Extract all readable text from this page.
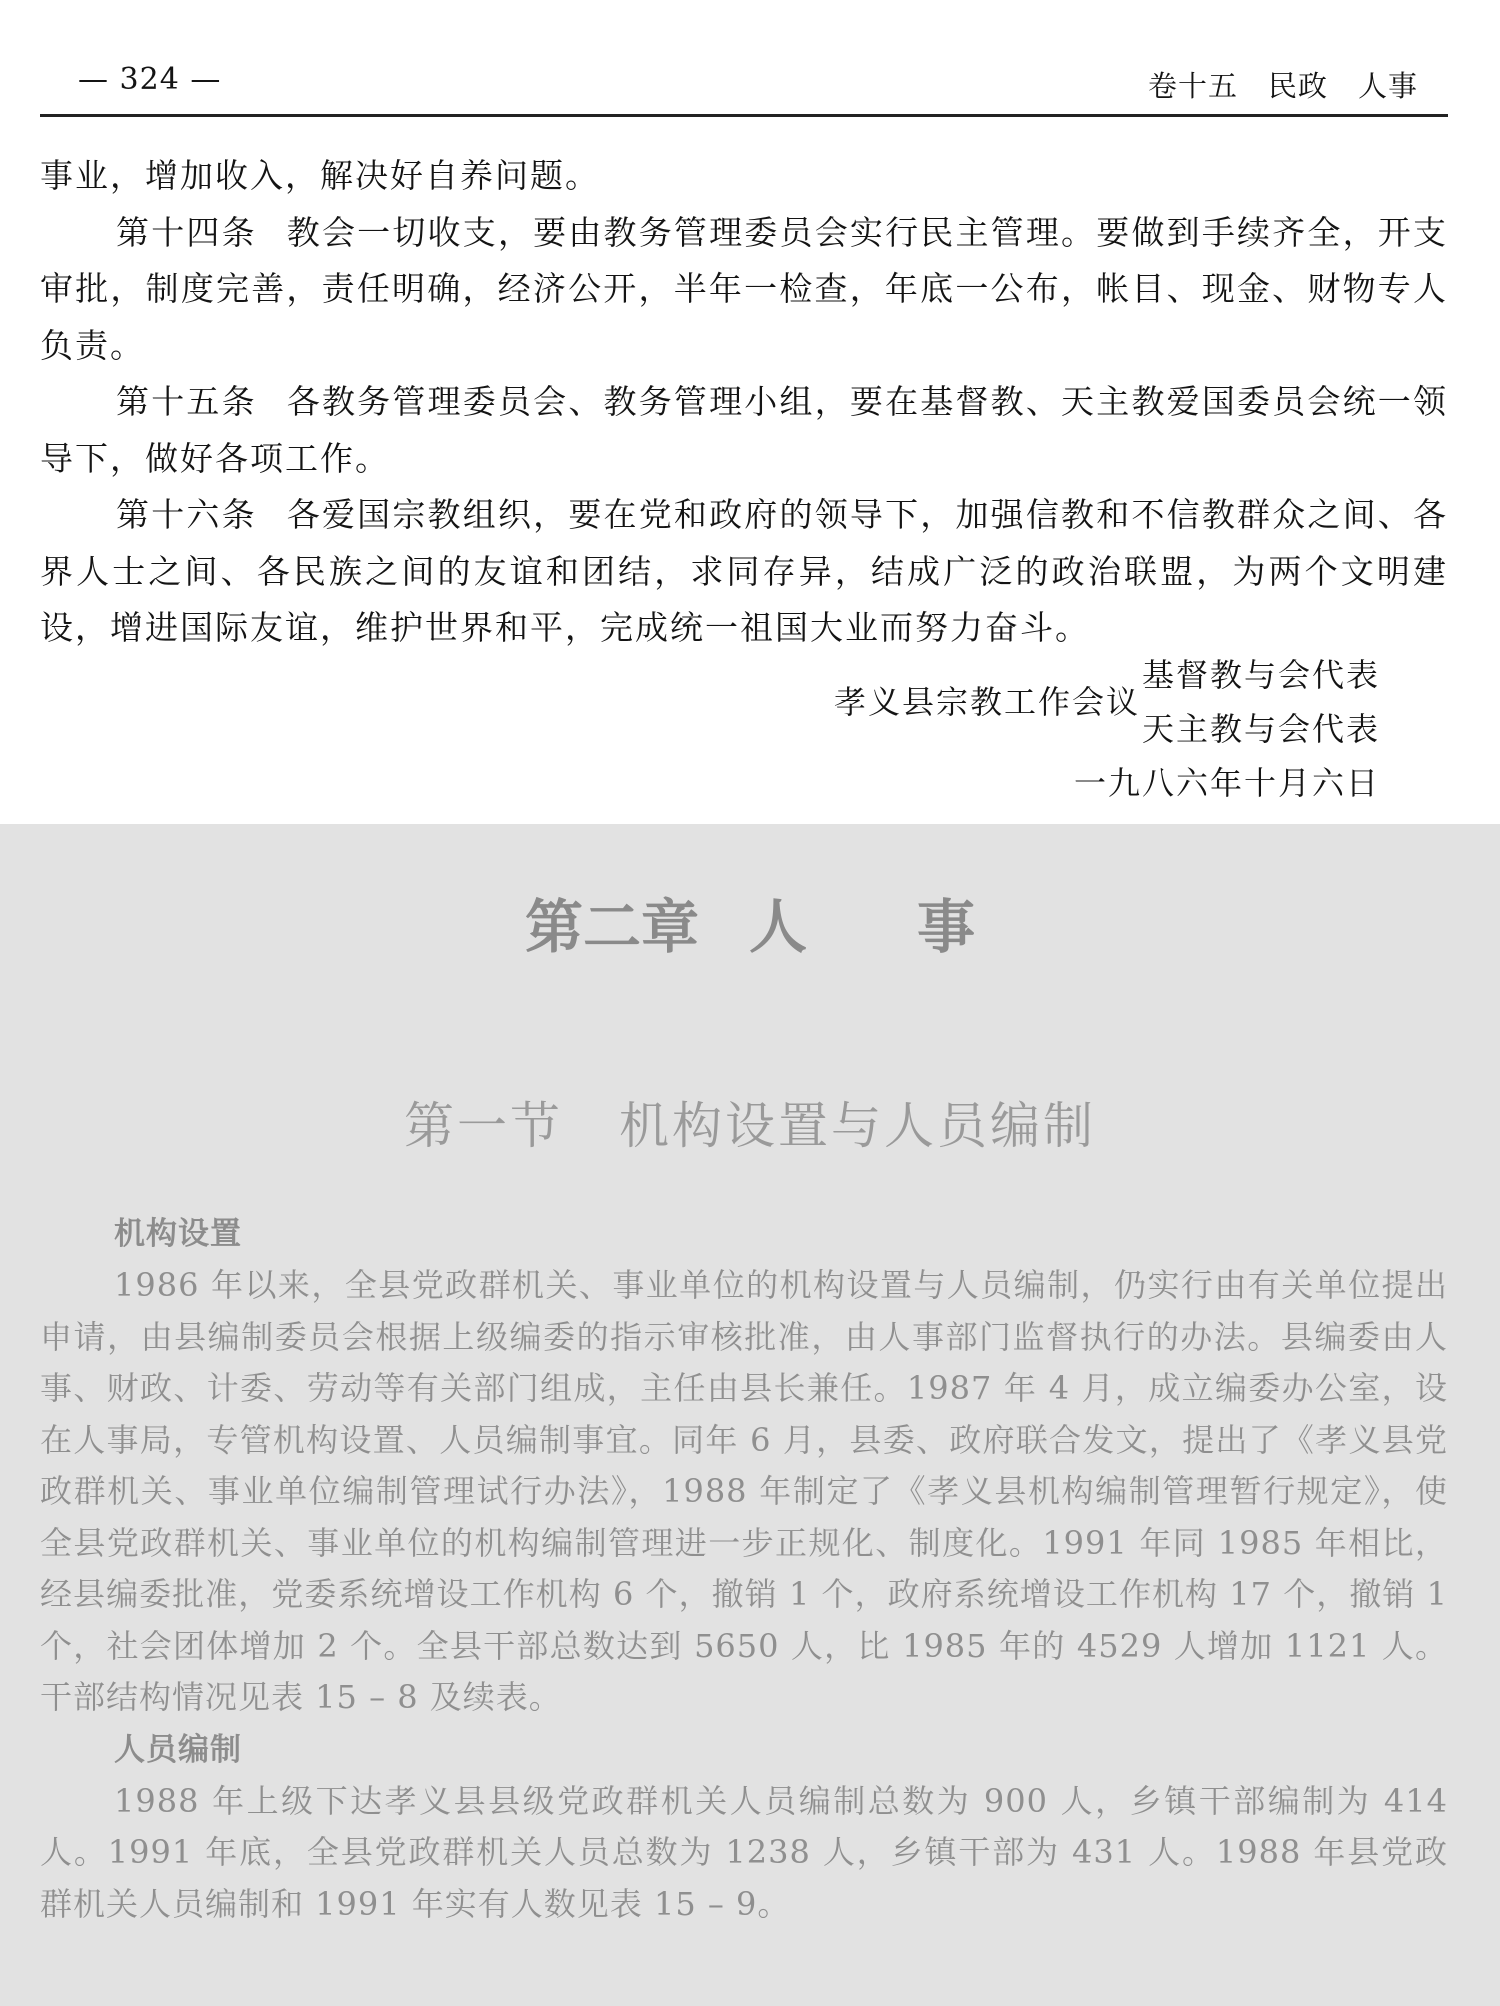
— 324 —	卷十五　民政　人事

事业，增加收入，解决好自养问题。

第十四条 教会一切收支，要由教务管理委员会实行民主管理。要做到手续齐全，开支审批，制度完善，责任明确，经济公开，半年一检查，年底一公布，帐目、现金、财物专人负责。

第十五条 各教务管理委员会、教务管理小组，要在基督教、天主教爱国委员会统一领导下，做好各项工作。

第十六条 各爱国宗教组织，要在党和政府的领导下，加强信教和不信教群众之间、各界人士之间、各民族之间的友谊和团结，求同存异，结成广泛的政治联盟，为两个文明建设，增进国际友谊，维护世界和平，完成统一祖国大业而努力奋斗。

孝义县宗教工作会议
基督教与会代表
天主教与会代表
一九八六年十月六日
第二章 人 事
第一节 机构设置与人员编制
机构设置

1986 年以来，全县党政群机关、事业单位的机构设置与人员编制，仍实行由有关单位提出申请，由县编制委员会根据上级编委的指示审核批准，由人事部门监督执行的办法。县编委由人事、财政、计委、劳动等有关部门组成，主任由县长兼任。1987 年 4 月，成立编委办公室，设在人事局，专管机构设置、人员编制事宜。同年 6 月，县委、政府联合发文，提出了《孝义县党政群机关、事业单位编制管理试行办法》，1988 年制定了《孝义县机构编制管理暂行规定》，使全县党政群机关、事业单位的机构编制管理进一步正规化、制度化。1991 年同 1985 年相比，经县编委批准，党委系统增设工作机构 6 个，撤销 1 个，政府系统增设工作机构 17 个，撤销 1 个，社会团体增加 2 个。全县干部总数达到 5650 人，比 1985 年的 4529 人增加 1121 人。干部结构情况见表 15 – 8 及续表。

人员编制

1988 年上级下达孝义县县级党政群机关人员编制总数为 900 人，乡镇干部编制为 414 人。1991 年底，全县党政群机关人员总数为 1238 人，乡镇干部为 431 人。1988 年县党政群机关人员编制和 1991 年实有人数见表 15 – 9。
